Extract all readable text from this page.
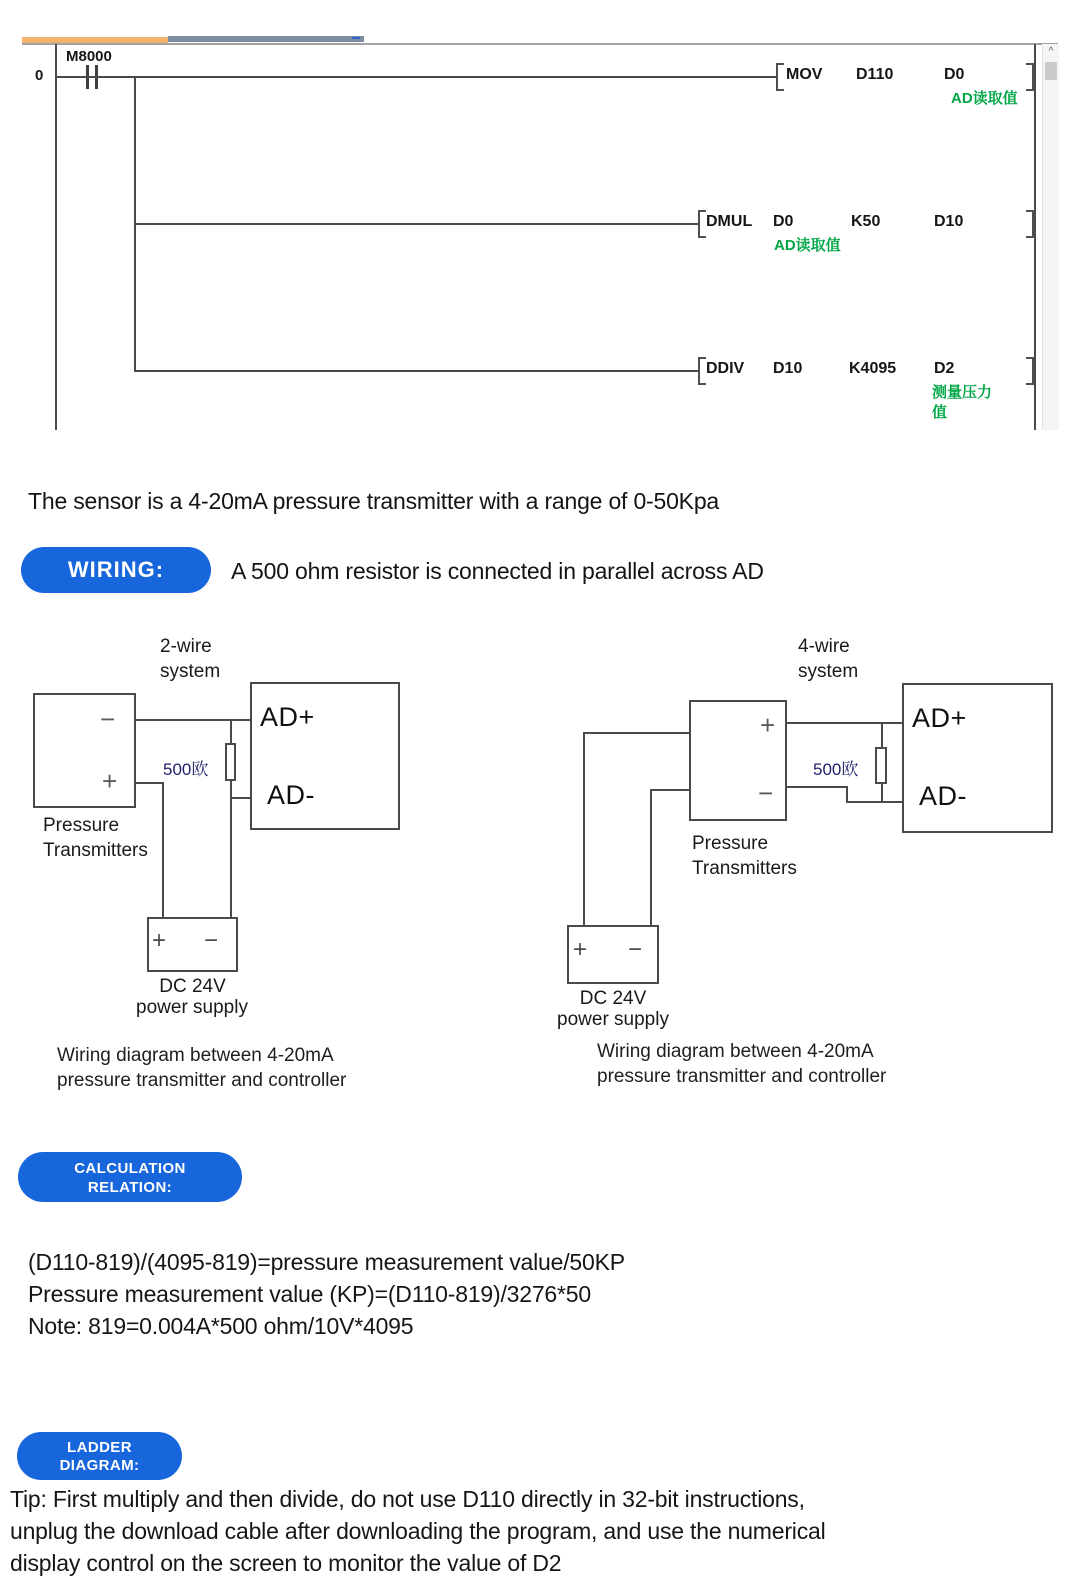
0
M8000
MOV D110	D0
AD读取值
DMUL D0	K50	D10
AD读取值
DDIV D10	K4095 D2
测量压力值
^
The sensor is a 4-20mA pressure transmitter with a range of 0-50Kpa
WIRING:	A 500 ohm resistor is connected in parallel across AD
2-wire
system
−
+
Pressure
Transmitters
500欧
AD+
AD-
+ −
DC 24V
power supply
Wiring diagram between 4-20mA
pressure transmitter and controller
4-wire
system
+
−
Pressure
Transmitters
500欧
AD+
AD-
+ −
DC 24V
power supply
Wiring diagram between 4-20mA
pressure transmitter and controller
CALCULATION
RELATION:
(D110-819)/(4095-819)=pressure measurement value/50KP
Pressure measurement value (KP)=(D110-819)/3276*50
Note: 819=0.004A*500 ohm/10V*4095
LADDER
DIAGRAM:
Tip: First multiply and then divide, do not use D110 directly in 32-bit instructions,
unplug the download cable after downloading the program, and use the numerical
display control on the screen to monitor the value of D2
